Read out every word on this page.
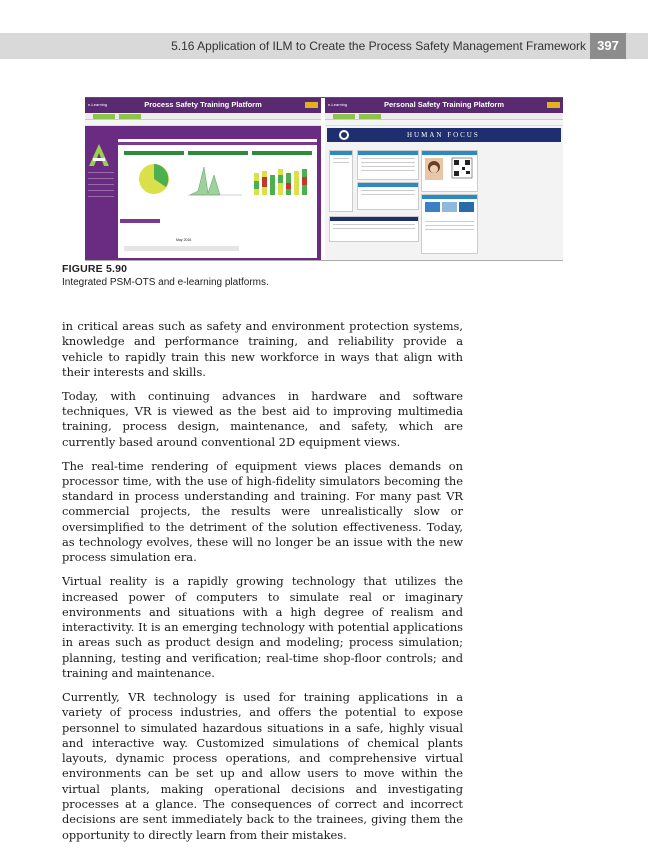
5.16 Application of ILM to Create the Process Safety Management Framework 397
e-Learning	Process Safety Training Platform
May 2016
e-Learning	Personal Safety Training Platform
HUMAN FOCUS
FIGURE 5.90
Integrated PSM-OTS and e-learning platforms.

in critical areas such as safety and environment protection systems, knowledge and performance training, and reliability provide a vehicle to rapidly train this new workforce in ways that align with their interests and skills.

Today, with continuing advances in hardware and software techniques, VR is viewed as the best aid to improving multimedia training, process design, maintenance, and safety, which are currently based around conventional 2D equipment views.

The real-time rendering of equipment views places demands on processor time, with the use of high-fidelity simulators becoming the standard in process understanding and training. For many past VR commercial projects, the results were unrealistically slow or oversimplified to the detriment of the solution effectiveness. Today, as technology evolves, these will no longer be an issue with the new process simulation era.

Virtual reality is a rapidly growing technology that utilizes the increased power of computers to simulate real or imaginary environments and situations with a high degree of realism and interactivity. It is an emerging technology with potential applications in areas such as product design and modeling; process simulation; planning, testing and verification; real-time shop-floor controls; and training and maintenance.

Currently, VR technology is used for training applications in a variety of process industries, and offers the potential to expose personnel to simulated hazardous situations in a safe, highly visual and interactive way. Customized simulations of chemical plants layouts, dynamic process operations, and comprehensive virtual environments can be set up and allow users to move within the virtual plants, making operational decisions and investigating processes at a glance. The consequences of correct and incorrect decisions are sent immediately back to the trainees, giving them the opportunity to directly learn from their mistakes.
